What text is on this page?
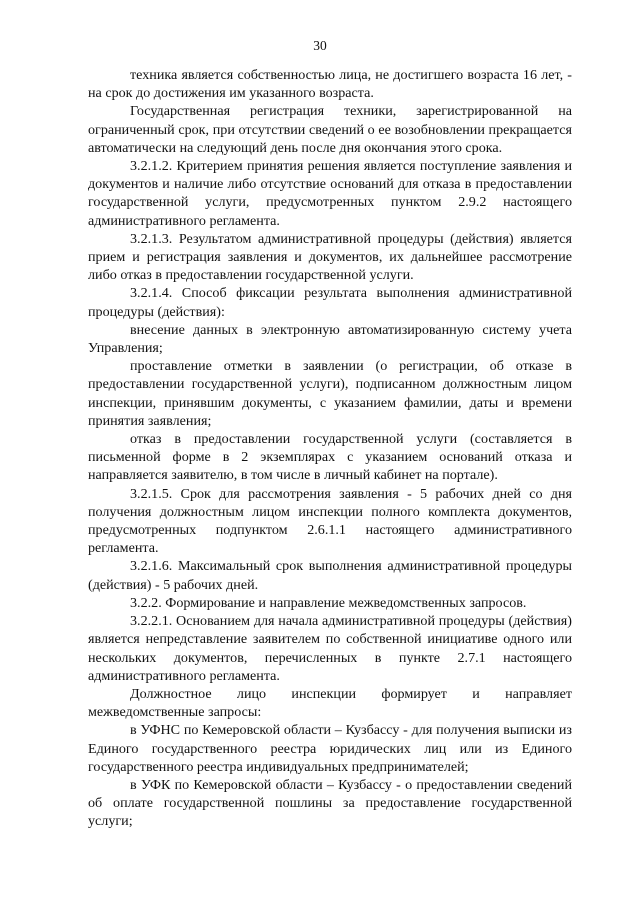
30

техника является собственностью лица, не достигшего возраста 16 лет, - на срок до достижения им указанного возраста.

Государственная регистрация техники, зарегистрированной на ограниченный срок, при отсутствии сведений о ее возобновлении прекращается автоматически на следующий день после дня окончания этого срока.

3.2.1.2. Критерием принятия решения является поступление заявления и документов и наличие либо отсутствие оснований для отказа в предоставлении государственной услуги, предусмотренных пунктом 2.9.2 настоящего административного регламента.

3.2.1.3. Результатом административной процедуры (действия) является прием и регистрация заявления и документов, их дальнейшее рассмотрение либо отказ в предоставлении государственной услуги.

3.2.1.4. Способ фиксации результата выполнения административной процедуры (действия):

внесение данных в электронную автоматизированную систему учета Управления;

проставление отметки в заявлении (о регистрации, об отказе в предоставлении государственной услуги), подписанном должностным лицом инспекции, принявшим документы, с указанием фамилии, даты и времени принятия заявления;

отказ в предоставлении государственной услуги (составляется в письменной форме в 2 экземплярах с указанием оснований отказа и направляется заявителю, в том числе в личный кабинет на портале).

3.2.1.5. Срок для рассмотрения заявления - 5 рабочих дней со дня получения должностным лицом инспекции полного комплекта документов, предусмотренных подпунктом 2.6.1.1 настоящего административного регламента.

3.2.1.6. Максимальный срок выполнения административной процедуры (действия) - 5 рабочих дней.

3.2.2. Формирование и направление межведомственных запросов.

3.2.2.1. Основанием для начала административной процедуры (действия) является непредставление заявителем по собственной инициативе одного или нескольких документов, перечисленных в пункте 2.7.1 настоящего административного регламента.

Должностное лицо инспекции формирует и направляет межведомственные запросы:

в УФНС по Кемеровской области – Кузбассу - для получения выписки из Единого государственного реестра юридических лиц или из Единого государственного реестра индивидуальных предпринимателей;

в УФК по Кемеровской области – Кузбассу - о предоставлении сведений об оплате государственной пошлины за предоставление государственной услуги;
